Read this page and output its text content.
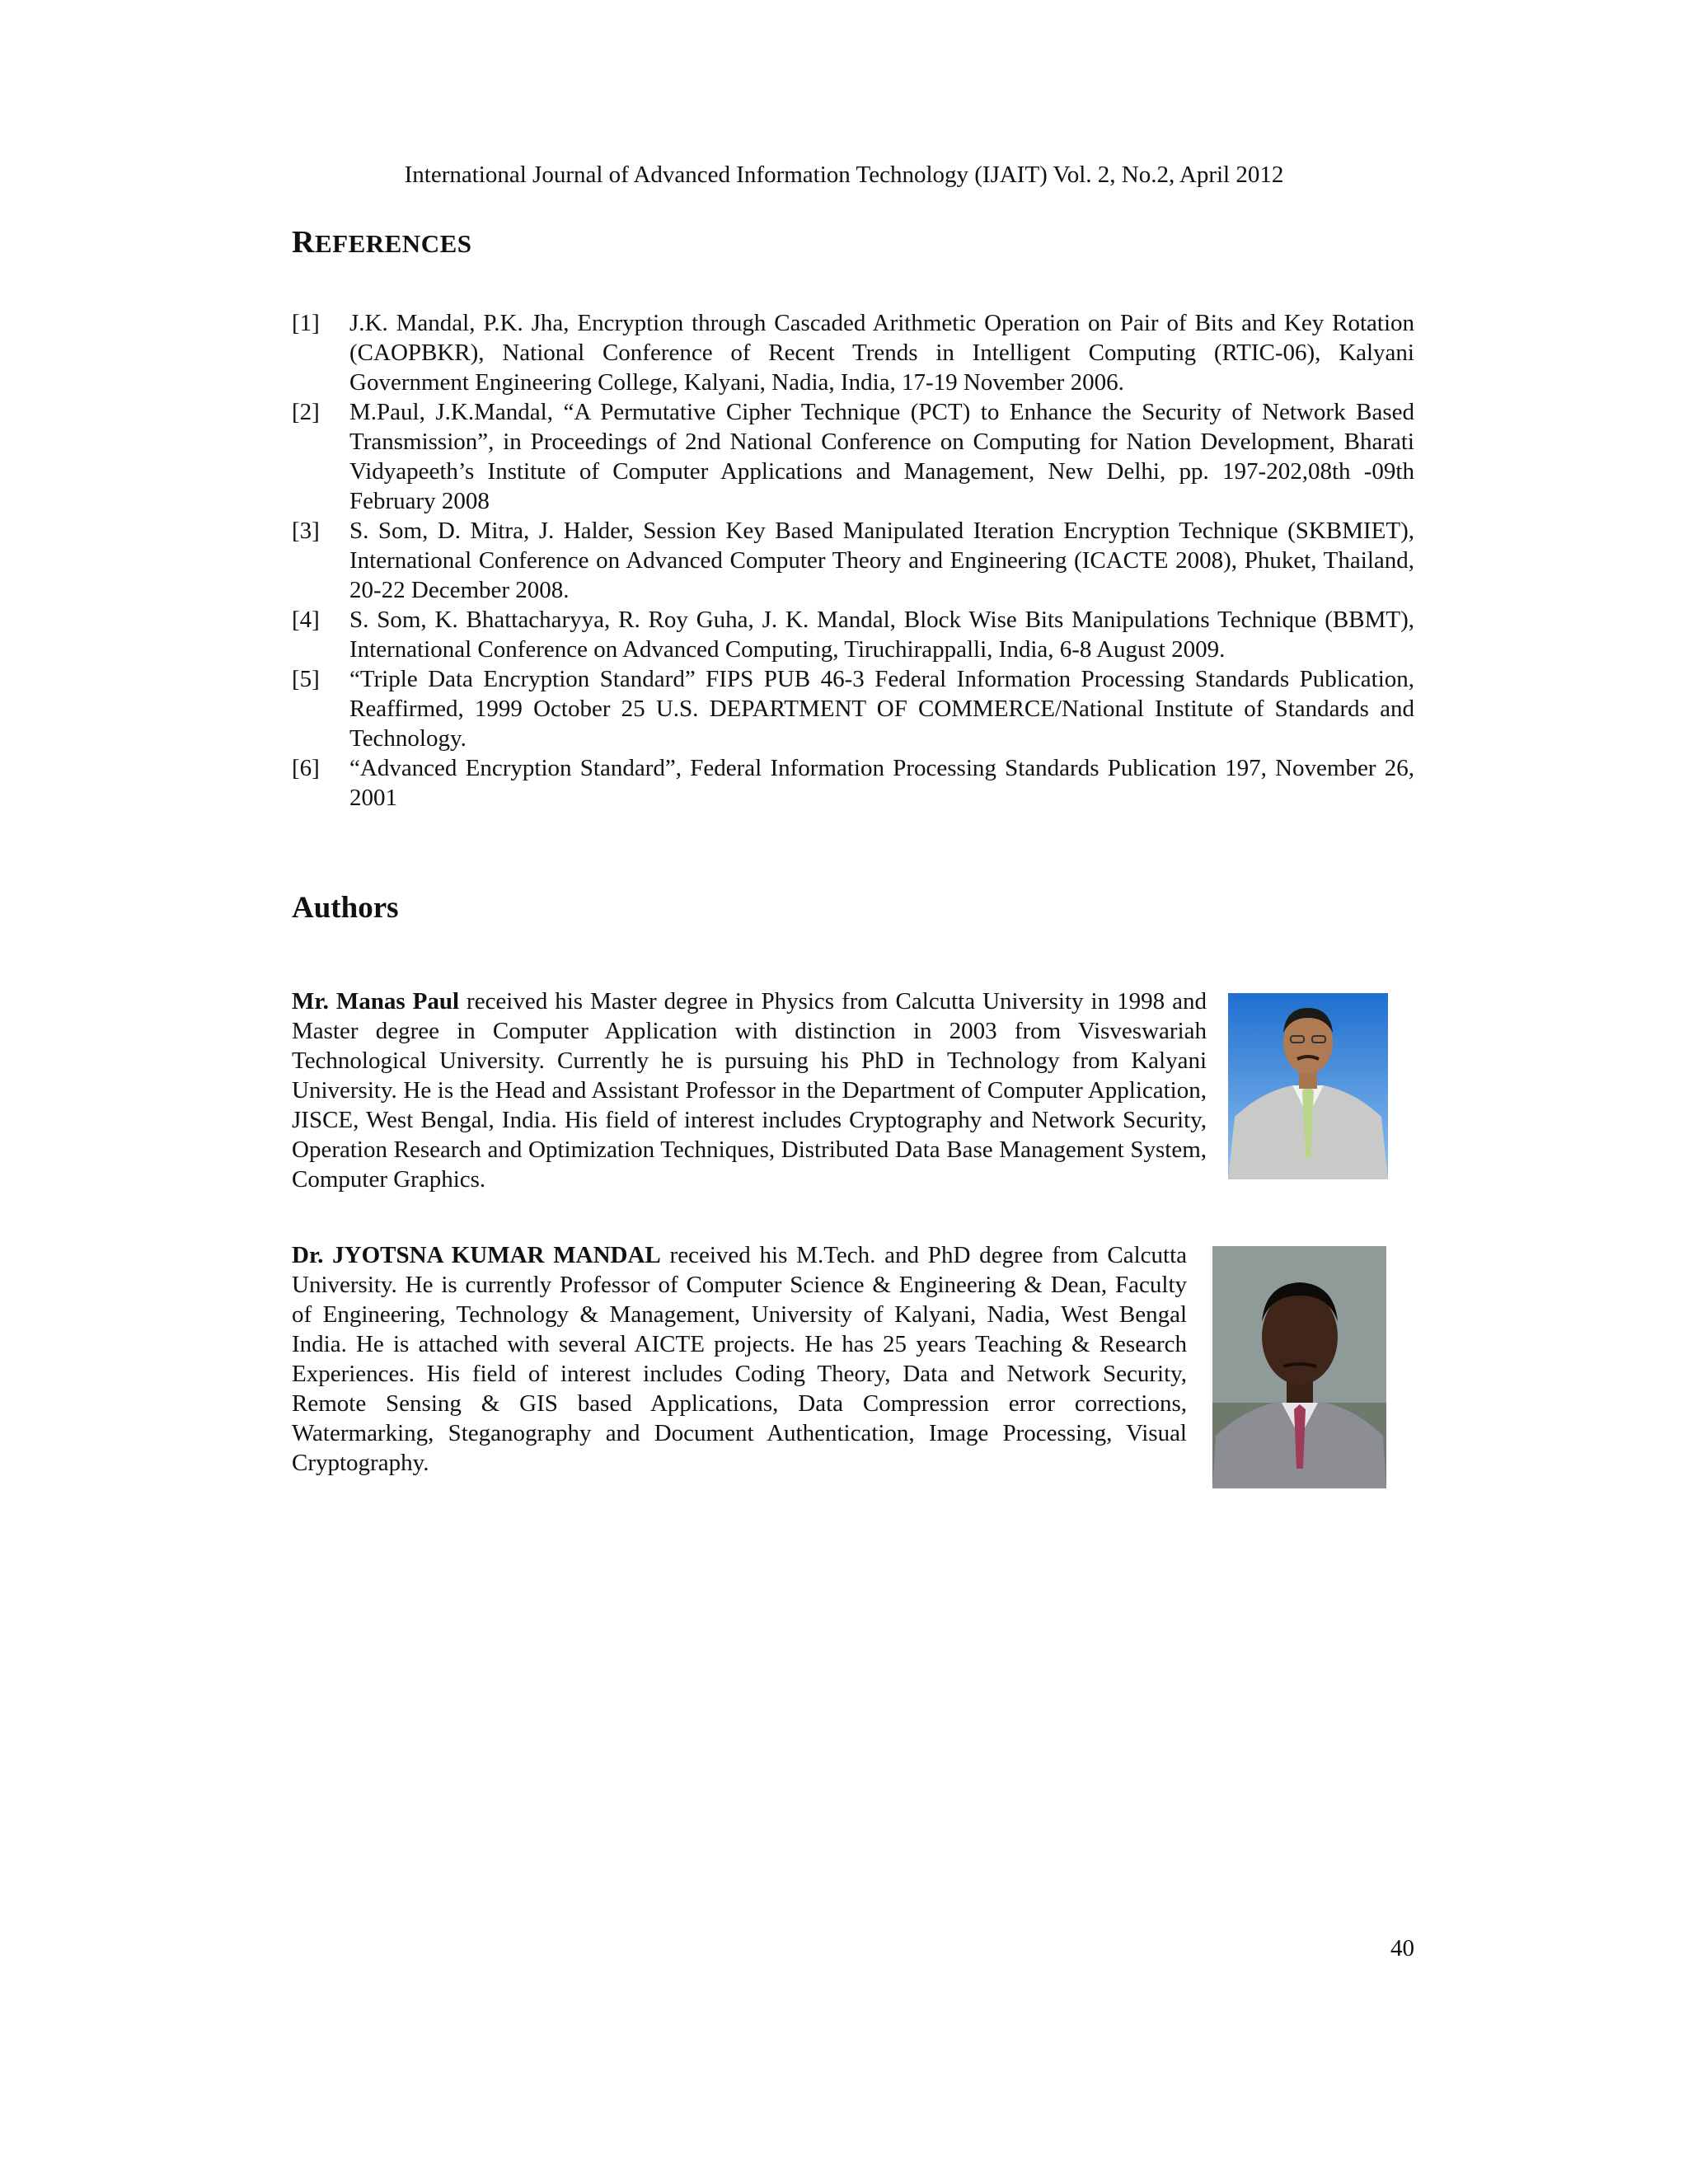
International Journal of Advanced Information Technology (IJAIT) Vol. 2, No.2, April 2012
REFERENCES
[1]	J.K. Mandal, P.K. Jha, Encryption through Cascaded Arithmetic Operation on Pair of Bits and Key Rotation (CAOPBKR), National Conference of Recent Trends in Intelligent Computing (RTIC-06), Kalyani Government Engineering College, Kalyani, Nadia, India, 17-19 November 2006.
[2]	M.Paul, J.K.Mandal, “A Permutative Cipher Technique (PCT) to Enhance the Security of Network Based Transmission”, in Proceedings of 2nd National Conference on Computing for Nation Development, Bharati Vidyapeeth’s Institute of Computer Applications and Management, New Delhi, pp. 197-202,08th -09th February 2008
[3]	S. Som, D. Mitra, J. Halder, Session Key Based Manipulated Iteration Encryption Technique (SKBMIET), International Conference on Advanced Computer Theory and Engineering (ICACTE 2008), Phuket, Thailand, 20-22 December 2008.
[4]	S. Som, K. Bhattacharyya, R. Roy Guha, J. K. Mandal, Block Wise Bits Manipulations Technique (BBMT), International Conference on Advanced Computing, Tiruchirappalli, India, 6-8 August 2009.
[5]	“Triple Data Encryption Standard” FIPS PUB 46-3 Federal Information Processing Standards Publication, Reaffirmed, 1999 October 25 U.S. DEPARTMENT OF COMMERCE/National Institute of Standards and Technology.
[6]	“Advanced Encryption Standard”, Federal Information Processing Standards Publication 197, November 26, 2001
Authors
Mr. Manas Paul received his Master degree in Physics from Calcutta University in 1998 and Master degree in Computer Application with distinction in 2003 from Visveswariah Technological University. Currently he is pursuing his PhD in Technology from Kalyani University. He is the Head and Assistant Professor in the Department of Computer Application, JISCE, West Bengal, India. His field of interest includes Cryptography and Network Security, Operation Research and Optimization Techniques, Distributed Data Base Management System, Computer Graphics.
Dr. JYOTSNA KUMAR MANDAL received his M.Tech. and PhD degree from Calcutta University. He is currently Professor of Computer Science & Engineering & Dean, Faculty of Engineering, Technology & Management, University of Kalyani, Nadia, West Bengal India. He is attached with several AICTE projects. He has 25 years Teaching & Research Experiences. His field of interest includes Coding Theory, Data and Network Security, Remote Sensing & GIS based Applications, Data Compression error corrections, Watermarking, Steganography and Document Authentication, Image Processing, Visual Cryptography.
40
